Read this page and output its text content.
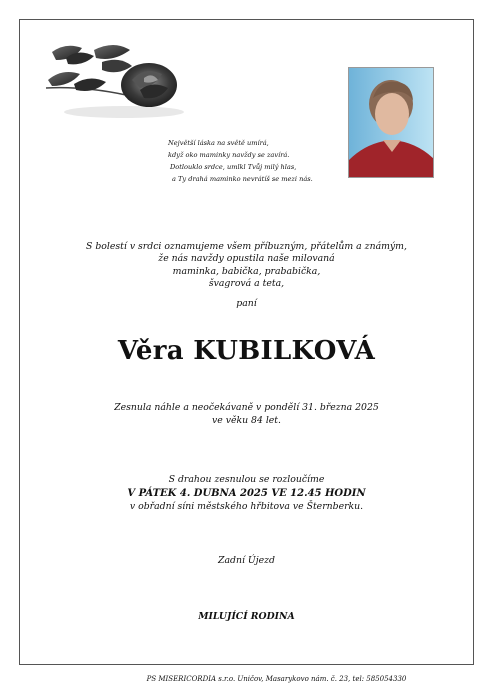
Největší láska na světě umírá,
když oko maminky navždy se zavírá.
Dotlouklo srdce, umlkl Tvůj milý hlas,
a Ty drahá maminko nevrátíš se mezi nás.
S bolestí v srdci oznamujeme všem příbuzným, přátelům a známým,
že nás navždy opustila naše milovaná
maminka, babička, prababička,
švagrová a teta,
paní
Věra KUBILKOVÁ
Zesnula náhle a neočekávaně v pondělí 31. března 2025
ve věku 84 let.
S drahou zesnulou se rozloučíme
V PÁTEK 4. DUBNA 2025 VE 12.45 HODIN
v obřadní síni městského hřbitova ve Šternberku.
Zadní Újezd
MILUJÍCÍ RODINA
PS MISERICORDIA s.r.o. Uničov, Masarykovo nám. č. 23, tel: 585054330
